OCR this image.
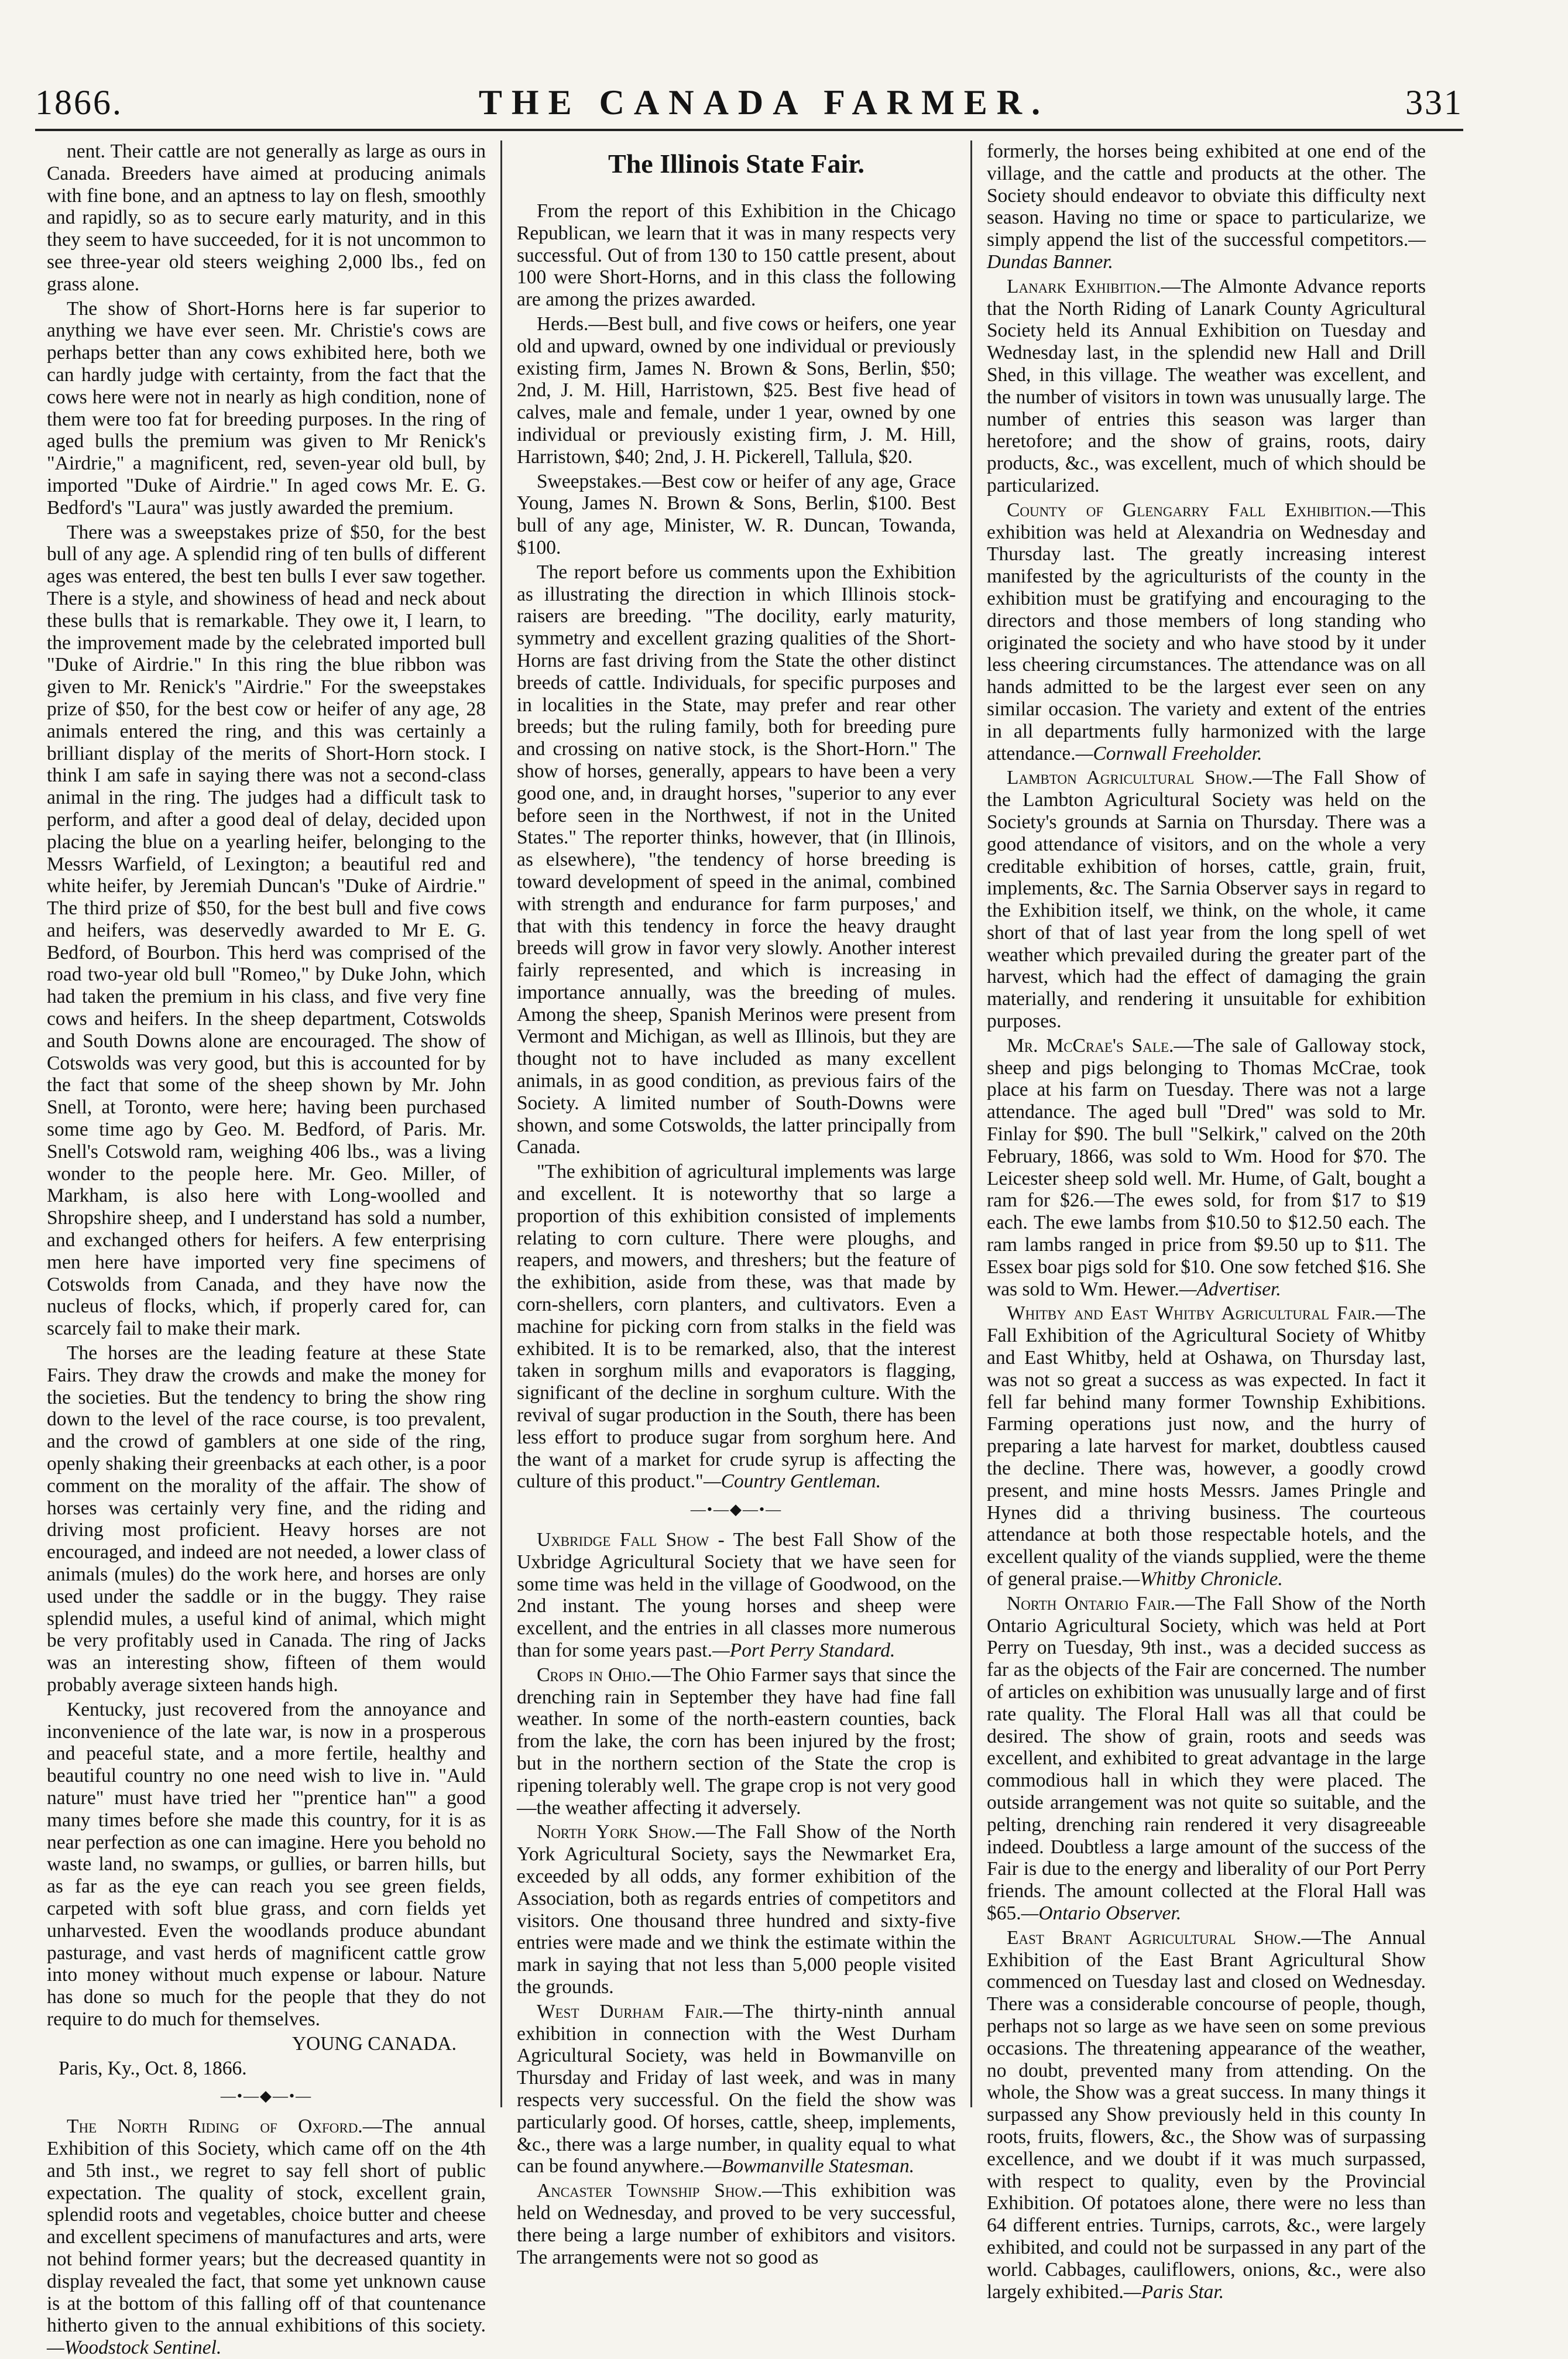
1866.	THE CANADA FARMER.	331

nent. Their cattle are not generally as large as ours in Canada. Breeders have aimed at producing animals with fine bone, and an aptness to lay on flesh, smoothly and rapidly, so as to secure early maturity, and in this they seem to have succeeded, for it is not uncommon to see three-year old steers weighing 2,000 lbs., fed on grass alone.

The show of Short-Horns here is far superior to anything we have ever seen. Mr. Christie's cows are perhaps better than any cows exhibited here, both we can hardly judge with certainty, from the fact that the cows here were not in nearly as high condition, none of them were too fat for breeding purposes. In the ring of aged bulls the premium was given to Mr Renick's "Airdrie," a magnificent, red, seven-year old bull, by imported "Duke of Airdrie." In aged cows Mr. E. G. Bedford's "Laura" was justly awarded the premium.

There was a sweepstakes prize of $50, for the best bull of any age. A splendid ring of ten bulls of different ages was entered, the best ten bulls I ever saw together. There is a style, and showiness of head and neck about these bulls that is remarkable. They owe it, I learn, to the improvement made by the celebrated imported bull "Duke of Airdrie." In this ring the blue ribbon was given to Mr. Renick's "Airdrie." For the sweepstakes prize of $50, for the best cow or heifer of any age, 28 animals entered the ring, and this was certainly a brilliant display of the merits of Short-Horn stock. I think I am safe in saying there was not a second-class animal in the ring. The judges had a difficult task to perform, and after a good deal of delay, decided upon placing the blue on a yearling heifer, belonging to the Messrs Warfield, of Lexington; a beautiful red and white heifer, by Jeremiah Duncan's "Duke of Airdrie." The third prize of $50, for the best bull and five cows and heifers, was deservedly awarded to Mr E. G. Bedford, of Bourbon. This herd was comprised of the road two-year old bull "Romeo," by Duke John, which had taken the premium in his class, and five very fine cows and heifers. In the sheep department, Cotswolds and South Downs alone are encouraged. The show of Cotswolds was very good, but this is accounted for by the fact that some of the sheep shown by Mr. John Snell, at Toronto, were here; having been purchased some time ago by Geo. M. Bedford, of Paris. Mr. Snell's Cotswold ram, weighing 406 lbs., was a living wonder to the people here. Mr. Geo. Miller, of Markham, is also here with Long-woolled and Shropshire sheep, and I understand has sold a number, and exchanged others for heifers. A few enterprising men here have imported very fine specimens of Cotswolds from Canada, and they have now the nucleus of flocks, which, if properly cared for, can scarcely fail to make their mark.

The horses are the leading feature at these State Fairs. They draw the crowds and make the money for the societies. But the tendency to bring the show ring down to the level of the race course, is too prevalent, and the crowd of gamblers at one side of the ring, openly shaking their greenbacks at each other, is a poor comment on the morality of the affair. The show of horses was certainly very fine, and the riding and driving most proficient. Heavy horses are not encouraged, and indeed are not needed, a lower class of animals (mules) do the work here, and horses are only used under the saddle or in the buggy. They raise splendid mules, a useful kind of animal, which might be very profitably used in Canada. The ring of Jacks was an interesting show, fifteen of them would probably average sixteen hands high.

Kentucky, just recovered from the annoyance and inconvenience of the late war, is now in a prosperous and peaceful state, and a more fertile, healthy and beautiful country no one need wish to live in. "Auld nature" must have tried her "'prentice han'" a good many times before she made this country, for it is as near perfection as one can imagine. Here you behold no waste land, no swamps, or gullies, or barren hills, but as far as the eye can reach you see green fields, carpeted with soft blue grass, and corn fields yet unharvested. Even the woodlands produce abundant pasturage, and vast herds of magnificent cattle grow into money without much expense or labour. Nature has done so much for the people that they do not require to do much for themselves.

YOUNG CANADA.

Paris, Ky., Oct. 8, 1866.

—•—◆—•—

The North Riding of Oxford.—The annual Exhibition of this Society, which came off on the 4th and 5th inst., we regret to say fell short of public expectation. The quality of stock, excellent grain, splendid roots and vegetables, choice butter and cheese and excellent specimens of manufactures and arts, were not behind former years; but the decreased quantity in display revealed the fact, that some yet unknown cause is at the bottom of this falling off of that countenance hitherto given to the annual exhibitions of this society.—Woodstock Sentinel.

The Illinois State Fair.

From the report of this Exhibition in the Chicago Republican, we learn that it was in many respects very successful. Out of from 130 to 150 cattle present, about 100 were Short-Horns, and in this class the following are among the prizes awarded.

Herds.—Best bull, and five cows or heifers, one year old and upward, owned by one individual or previously existing firm, James N. Brown & Sons, Berlin, $50; 2nd, J. M. Hill, Harristown, $25. Best five head of calves, male and female, under 1 year, owned by one individual or previously existing firm, J. M. Hill, Harristown, $40; 2nd, J. H. Pickerell, Tallula, $20.

Sweepstakes.—Best cow or heifer of any age, Grace Young, James N. Brown & Sons, Berlin, $100. Best bull of any age, Minister, W. R. Duncan, Towanda, $100.

The report before us comments upon the Exhibition as illustrating the direction in which Illinois stock-raisers are breeding. "The docility, early maturity, symmetry and excellent grazing qualities of the Short-Horns are fast driving from the State the other distinct breeds of cattle. Individuals, for specific purposes and in localities in the State, may prefer and rear other breeds; but the ruling family, both for breeding pure and crossing on native stock, is the Short-Horn." The show of horses, generally, appears to have been a very good one, and, in draught horses, "superior to any ever before seen in the Northwest, if not in the United States." The reporter thinks, however, that (in Illinois, as elsewhere), "the tendency of horse breeding is toward development of speed in the animal, combined with strength and endurance for farm purposes,' and that with this tendency in force the heavy draught breeds will grow in favor very slowly. Another interest fairly represented, and which is increasing in importance annually, was the breeding of mules. Among the sheep, Spanish Merinos were present from Vermont and Michigan, as well as Illinois, but they are thought not to have included as many excellent animals, in as good condition, as previous fairs of the Society. A limited number of South-Downs were shown, and some Cotswolds, the latter principally from Canada.

"The exhibition of agricultural implements was large and excellent. It is noteworthy that so large a proportion of this exhibition consisted of implements relating to corn culture. There were ploughs, and reapers, and mowers, and threshers; but the feature of the exhibition, aside from these, was that made by corn-shellers, corn planters, and cultivators. Even a machine for picking corn from stalks in the field was exhibited. It is to be remarked, also, that the interest taken in sorghum mills and evaporators is flagging, significant of the decline in sorghum culture. With the revival of sugar production in the South, there has been less effort to produce sugar from sorghum here. And the want of a market for crude syrup is affecting the culture of this product."—Country Gentleman.

—•—◆—•—

Uxbridge Fall Show - The best Fall Show of the Uxbridge Agricultural Society that we have seen for some time was held in the village of Goodwood, on the 2nd instant. The young horses and sheep were excellent, and the entries in all classes more numerous than for some years past.—Port Perry Standard.

Crops in Ohio.—The Ohio Farmer says that since the drenching rain in September they have had fine fall weather. In some of the north-eastern counties, back from the lake, the corn has been injured by the frost; but in the northern section of the State the crop is ripening tolerably well. The grape crop is not very good—the weather affecting it adversely.

North York Show.—The Fall Show of the North York Agricultural Society, says the Newmarket Era, exceeded by all odds, any former exhibition of the Association, both as regards entries of competitors and visitors. One thousand three hundred and sixty-five entries were made and we think the estimate within the mark in saying that not less than 5,000 people visited the grounds.

West Durham Fair.—The thirty-ninth annual exhibition in connection with the West Durham Agricultural Society, was held in Bowmanville on Thursday and Friday of last week, and was in many respects very successful. On the field the show was particularly good. Of horses, cattle, sheep, implements, &c., there was a large number, in quality equal to what can be found anywhere.—Bowmanville Statesman.

Ancaster Township Show.—This exhibition was held on Wednesday, and proved to be very successful, there being a large number of exhibitors and visitors. The arrangements were not so good as

formerly, the horses being exhibited at one end of the village, and the cattle and products at the other. The Society should endeavor to obviate this difficulty next season. Having no time or space to particularize, we simply append the list of the successful competitors.—Dundas Banner.

Lanark Exhibition.—The Almonte Advance reports that the North Riding of Lanark County Agricultural Society held its Annual Exhibition on Tuesday and Wednesday last, in the splendid new Hall and Drill Shed, in this village. The weather was excellent, and the number of visitors in town was unusually large. The number of entries this season was larger than heretofore; and the show of grains, roots, dairy products, &c., was excellent, much of which should be particularized.

County of Glengarry Fall Exhibition.—This exhibition was held at Alexandria on Wednesday and Thursday last. The greatly increasing interest manifested by the agriculturists of the county in the exhibition must be gratifying and encouraging to the directors and those members of long standing who originated the society and who have stood by it under less cheering circumstances. The attendance was on all hands admitted to be the largest ever seen on any similar occasion. The variety and extent of the entries in all departments fully harmonized with the large attendance.—Cornwall Freeholder.

Lambton Agricultural Show.—The Fall Show of the Lambton Agricultural Society was held on the Society's grounds at Sarnia on Thursday. There was a good attendance of visitors, and on the whole a very creditable exhibition of horses, cattle, grain, fruit, implements, &c. The Sarnia Observer says in regard to the Exhibition itself, we think, on the whole, it came short of that of last year from the long spell of wet weather which prevailed during the greater part of the harvest, which had the effect of damaging the grain materially, and rendering it unsuitable for exhibition purposes.

Mr. McCrae's Sale.—The sale of Galloway stock, sheep and pigs belonging to Thomas McCrae, took place at his farm on Tuesday. There was not a large attendance. The aged bull "Dred" was sold to Mr. Finlay for $90. The bull "Selkirk," calved on the 20th February, 1866, was sold to Wm. Hood for $70. The Leicester sheep sold well. Mr. Hume, of Galt, bought a ram for $26.—The ewes sold, for from $17 to $19 each. The ewe lambs from $10.50 to $12.50 each. The ram lambs ranged in price from $9.50 up to $11. The Essex boar pigs sold for $10. One sow fetched $16. She was sold to Wm. Hewer.—Advertiser.

Whitby and East Whitby Agricultural Fair.—The Fall Exhibition of the Agricultural Society of Whitby and East Whitby, held at Oshawa, on Thursday last, was not so great a success as was expected. In fact it fell far behind many former Township Exhibitions. Farming operations just now, and the hurry of preparing a late harvest for market, doubtless caused the decline. There was, however, a goodly crowd present, and mine hosts Messrs. James Pringle and Hynes did a thriving business. The courteous attendance at both those respectable hotels, and the excellent quality of the viands supplied, were the theme of general praise.—Whitby Chronicle.

North Ontario Fair.—The Fall Show of the North Ontario Agricultural Society, which was held at Port Perry on Tuesday, 9th inst., was a decided success as far as the objects of the Fair are concerned. The number of articles on exhibition was unusually large and of first rate quality. The Floral Hall was all that could be desired. The show of grain, roots and seeds was excellent, and exhibited to great advantage in the large commodious hall in which they were placed. The outside arrangement was not quite so suitable, and the pelting, drenching rain rendered it very disagreeable indeed. Doubtless a large amount of the success of the Fair is due to the energy and liberality of our Port Perry friends. The amount collected at the Floral Hall was $65.—Ontario Observer.

East Brant Agricultural Show.—The Annual Exhibition of the East Brant Agricultural Show commenced on Tuesday last and closed on Wednesday. There was a considerable concourse of people, though, perhaps not so large as we have seen on some previous occasions. The threatening appearance of the weather, no doubt, prevented many from attending. On the whole, the Show was a great success. In many things it surpassed any Show previously held in this county In roots, fruits, flowers, &c., the Show was of surpassing excellence, and we doubt if it was much surpassed, with respect to quality, even by the Provincial Exhibition. Of potatoes alone, there were no less than 64 different entries. Turnips, carrots, &c., were largely exhibited, and could not be surpassed in any part of the world. Cabbages, cauliflowers, onions, &c., were also largely exhibited.—Paris Star.
